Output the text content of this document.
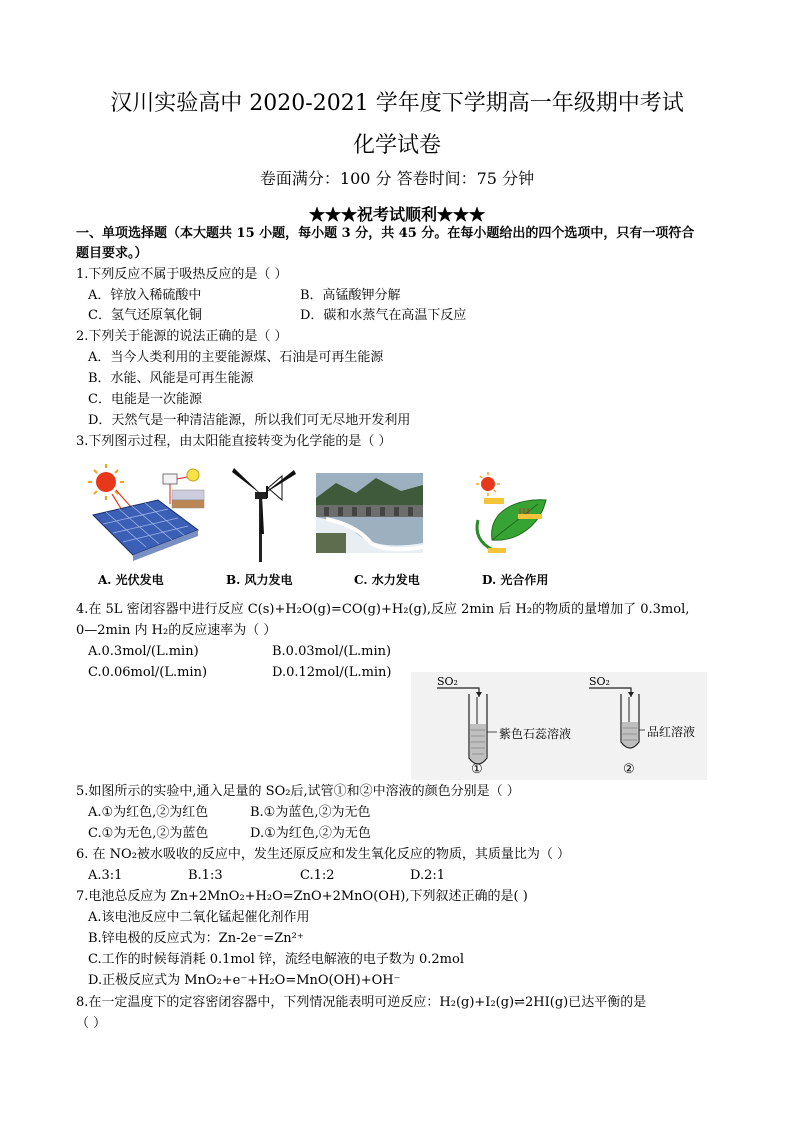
汉川实验高中 2020-2021 学年度下学期高一年级期中考试
化学试卷
卷面满分：100 分 答卷时间：75 分钟
★★★祝考试顺利★★★
一、单项选择题（本大题共 15 小题，每小题 3 分，共 45 分。在每小题给出的四个选项中，只有一项符合
题目要求。）
1.下列反应不属于吸热反应的是（ ）
A．锌放入稀硫酸中	B．高锰酸钾分解
C．氢气还原氧化铜	D．碳和水蒸气在高温下反应
2.下列关于能源的说法正确的是（ ）
A．当今人类利用的主要能源煤、石油是可再生能源
B．水能、风能是可再生能源
C．电能是一次能源
D．天然气是一种清洁能源，所以我们可无尽地开发利用
3.下列图示过程，由太阳能直接转变为化学能的是（ ）
A. 光伏发电	B. 风力发电	C. 水力发电	D. 光合作用
4.在 5L 密闭容器中进行反应 C(s)+H₂O(g)=CO(g)+H₂(g),反应 2min 后 H₂的物质的量增加了 0.3mol,
0—2min 内 H₂的反应速率为（ ）
A.0.3mol/(L.min)	B.0.03mol/(L.min)
C.0.06mol/(L.min)	D.0.12mol/(L.min)
SO₂	SO₂
紫色石蕊溶液	品红溶液
①	②
5.如图所示的实验中,通入足量的 SO₂后,试管①和②中溶液的颜色分别是（ ）
A.①为红色,②为红色	B.①为蓝色,②为无色
C.①为无色,②为蓝色	D.①为红色,②为无色
6. 在 NO₂被水吸收的反应中，发生还原反应和发生氧化反应的物质，其质量比为（ ）
A.3:1	B.1:3	C.1:2	D.2:1
7.电池总反应为 Zn+2MnO₂+H₂O=ZnO+2MnO(OH),下列叙述正确的是( )
A.该电池反应中二氧化锰起催化剂作用
B.锌电极的反应式为：Zn-2e⁻=Zn²⁺
C.工作的时候每消耗 0.1mol 锌，流经电解液的电子数为 0.2mol
D.正极反应式为 MnO₂+e⁻+H₂O=MnO(OH)+OH⁻
8.在一定温度下的定容密闭容器中，下列情况能表明可逆反应：H₂(g)+I₂(g)⇌2HI(g)已达平衡的是
（ ）
